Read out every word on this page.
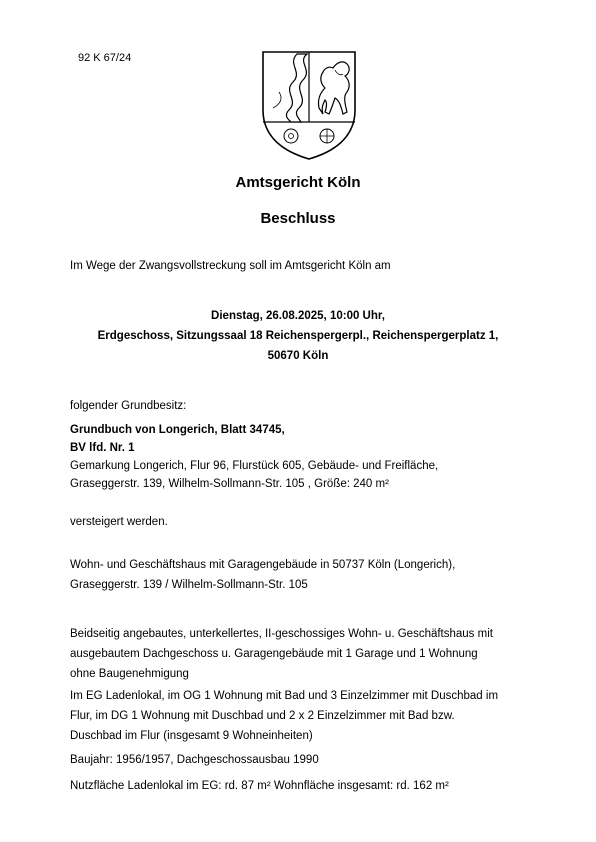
92 K 67/24
Amtsgericht Köln
Beschluss
Im Wege der Zwangsvollstreckung soll im Amtsgericht Köln am
Dienstag, 26.08.2025, 10:00 Uhr,
Erdgeschoss, Sitzungssaal 18 Reichenspergerpl., Reichenspergerplatz 1,
50670 Köln
folgender Grundbesitz:
Grundbuch von Longerich, Blatt 34745,
BV lfd. Nr. 1
Gemarkung Longerich, Flur 96, Flurstück 605, Gebäude- und Freifläche,
Graseggerstr. 139, Wilhelm-Sollmann-Str. 105 , Größe: 240 m²
versteigert werden.
Wohn- und Geschäftshaus mit Garagengebäude in 50737 Köln (Longerich),
Graseggerstr. 139 / Wilhelm-Sollmann-Str. 105
Beidseitig angebautes, unterkellertes, II-geschossiges Wohn- u. Geschäftshaus mit
ausgebautem Dachgeschoss u. Garagengebäude mit 1 Garage und 1 Wohnung
ohne Baugenehmigung
Im EG Ladenlokal, im OG 1 Wohnung mit Bad und 3 Einzelzimmer mit Duschbad im
Flur, im DG 1 Wohnung mit Duschbad und 2 x 2 Einzelzimmer mit Bad bzw.
Duschbad im Flur (insgesamt 9 Wohneinheiten)
Baujahr: 1956/1957, Dachgeschossausbau 1990
Nutzfläche Ladenlokal im EG: rd. 87 m² Wohnfläche insgesamt: rd. 162 m²
